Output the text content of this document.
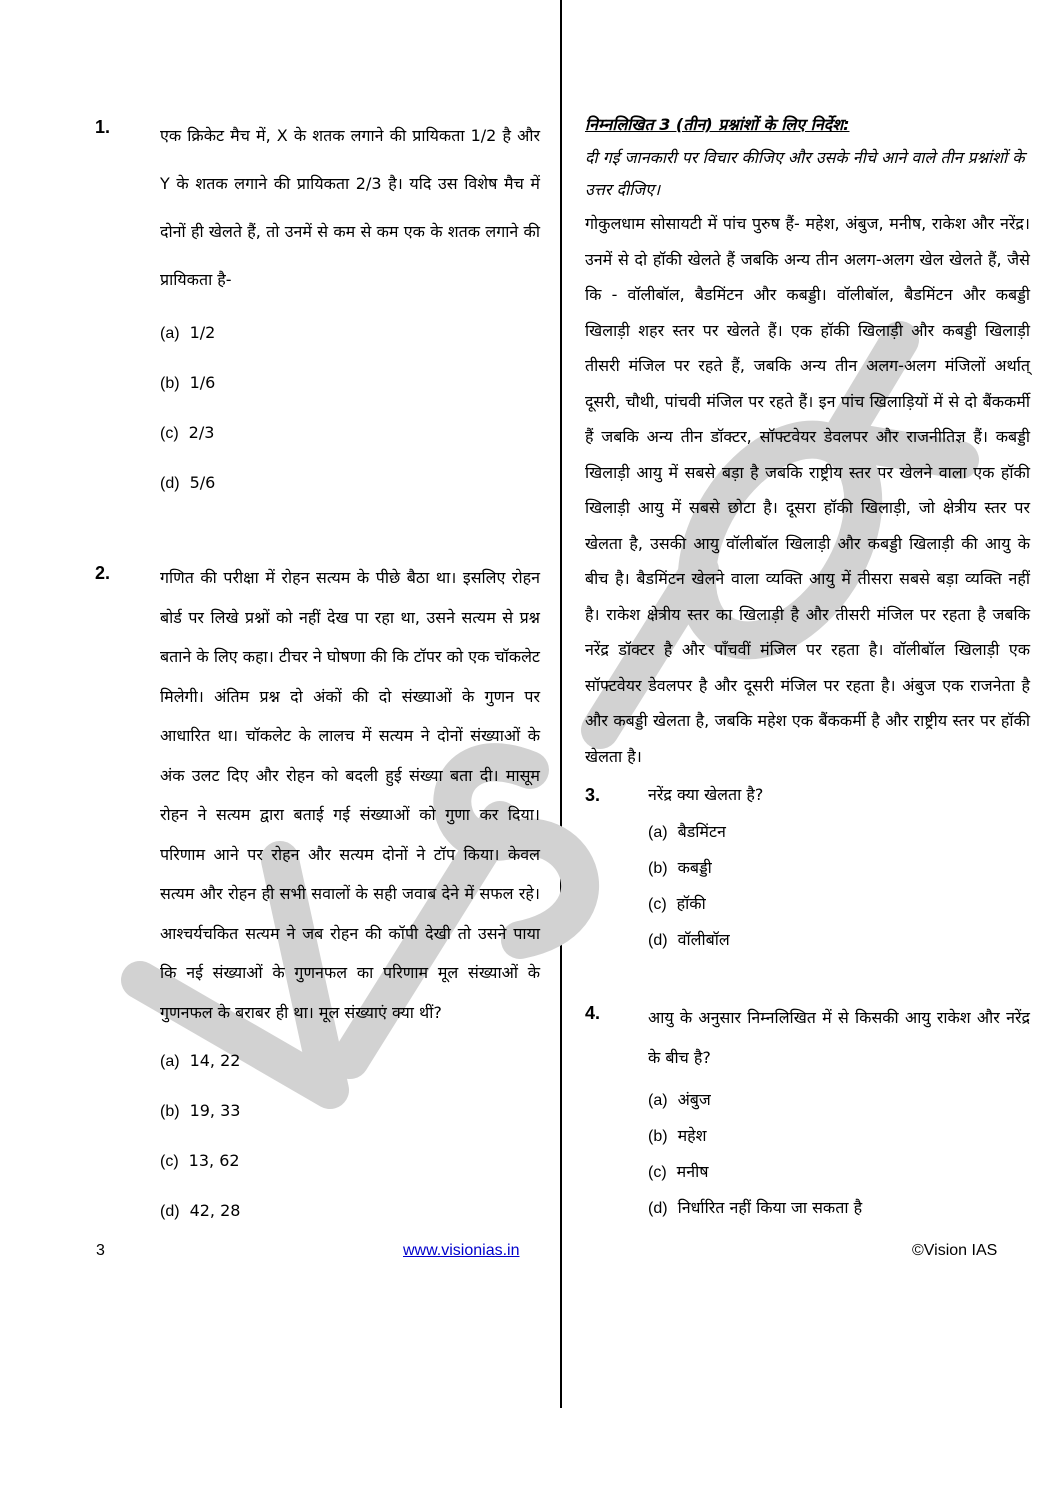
1.	एक क्रिकेट मैच में, X के शतक लगाने की प्रायिकता 1/2 है और Y के शतक लगाने की प्रायिकता 2/3 है। यदि उस विशेष मैच में दोनों ही खेलते हैं, तो उनमें से कम से कम एक के शतक लगाने की प्रायिकता है-
(a) 1/2
(b) 1/6
(c) 2/3
(d) 5/6
2.	गणित की परीक्षा में रोहन सत्यम के पीछे बैठा था। इसलिए रोहन बोर्ड पर लिखे प्रश्नों को नहीं देख पा रहा था, उसने सत्यम से प्रश्न बताने के लिए कहा। टीचर ने घोषणा की कि टॉपर को एक चॉकलेट मिलेगी। अंतिम प्रश्न दो अंकों की दो संख्याओं के गुणन पर आधारित था। चॉकलेट के लालच में सत्यम ने दोनों संख्याओं के अंक उलट दिए और रोहन को बदली हुई संख्या बता दी। मासूम रोहन ने सत्यम द्वारा बताई गई संख्याओं को गुणा कर दिया। परिणाम आने पर रोहन और सत्यम दोनों ने टॉप किया। केवल सत्यम और रोहन ही सभी सवालों के सही जवाब देने में सफल रहे। आश्चर्यचकित सत्यम ने जब रोहन की कॉपी देखी तो उसने पाया कि नई संख्याओं के गुणनफल का परिणाम मूल संख्याओं के गुणनफल के बराबर ही था। मूल संख्याएं क्या थीं?
(a) 14, 22
(b) 19, 33
(c) 13, 62
(d) 42, 28
निम्नलिखित 3 (तीन) प्रश्नांशों के लिए निर्देश:
दी गई जानकारी पर विचार कीजिए और उसके नीचे आने वाले तीन प्रश्नांशों के उत्तर दीजिए।
गोकुलधाम सोसायटी में पांच पुरुष हैं- महेश, अंबुज, मनीष, राकेश और नरेंद्र। उनमें से दो हॉकी खेलते हैं जबकि अन्य तीन अलग-अलग खेल खेलते हैं, जैसे कि - वॉलीबॉल, बैडमिंटन और कबड्डी। वॉलीबॉल, बैडमिंटन और कबड्डी खिलाड़ी शहर स्तर पर खेलते हैं। एक हॉकी खिलाड़ी और कबड्डी खिलाड़ी तीसरी मंजिल पर रहते हैं, जबकि अन्य तीन अलग-अलग मंजिलों अर्थात् दूसरी, चौथी, पांचवी मंजिल पर रहते हैं। इन पांच खिलाड़ियों में से दो बैंककर्मी हैं जबकि अन्य तीन डॉक्टर, सॉफ्टवेयर डेवलपर और राजनीतिज्ञ हैं। कबड्डी खिलाड़ी आयु में सबसे बड़ा है जबकि राष्ट्रीय स्तर पर खेलने वाला एक हॉकी खिलाड़ी आयु में सबसे छोटा है। दूसरा हॉकी खिलाड़ी, जो क्षेत्रीय स्तर पर खेलता है, उसकी आयु वॉलीबॉल खिलाड़ी और कबड्डी खिलाड़ी की आयु के बीच है। बैडमिंटन खेलने वाला व्यक्ति आयु में तीसरा सबसे बड़ा व्यक्ति नहीं है। राकेश क्षेत्रीय स्तर का खिलाड़ी है और तीसरी मंजिल पर रहता है जबकि नरेंद्र डॉक्टर है और पाँचवीं मंजिल पर रहता है। वॉलीबॉल खिलाड़ी एक सॉफ्टवेयर डेवलपर है और दूसरी मंजिल पर रहता है। अंबुज एक राजनेता है और कबड्डी खेलता है, जबकि महेश एक बैंककर्मी है और राष्ट्रीय स्तर पर हॉकी खेलता है।
3.	नरेंद्र क्या खेलता है?
(a) बैडमिंटन
(b) कबड्डी
(c) हॉकी
(d) वॉलीबॉल
4.	आयु के अनुसार निम्नलिखित में से किसकी आयु राकेश और नरेंद्र के बीच है?
(a) अंबुज
(b) महेश
(c) मनीष
(d) निर्धारित नहीं किया जा सकता है
3	www.visionias.in	©Vision IAS
